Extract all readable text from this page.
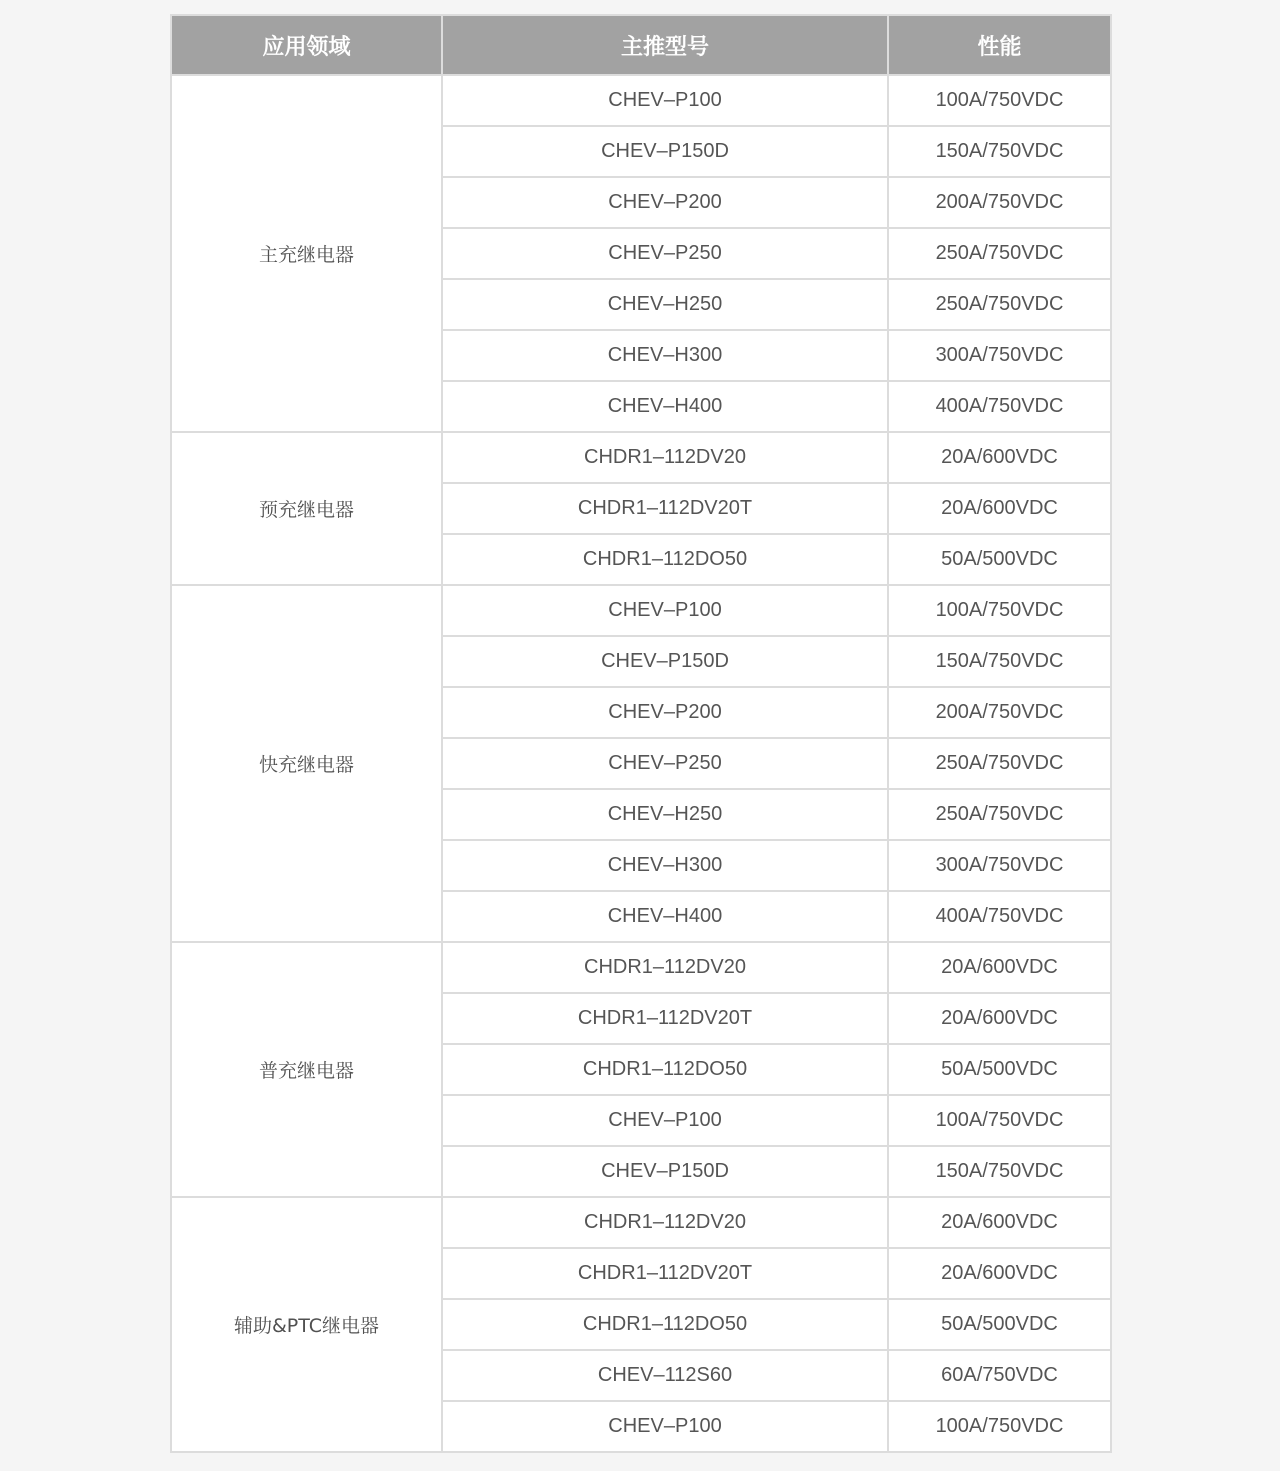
应用领域	主推型号	性能
主充继电器	CHEV–P100	100A/750VDC
	CHEV–P150D	150A/750VDC
	CHEV–P200	200A/750VDC
	CHEV–P250	250A/750VDC
	CHEV–H250	250A/750VDC
	CHEV–H300	300A/750VDC
	CHEV–H400	400A/750VDC
预充继电器	CHDR1–112DV20	20A/600VDC
	CHDR1–112DV20T	20A/600VDC
	CHDR1–112DO50	50A/500VDC
快充继电器	CHEV–P100	100A/750VDC
	CHEV–P150D	150A/750VDC
	CHEV–P200	200A/750VDC
	CHEV–P250	250A/750VDC
	CHEV–H250	250A/750VDC
	CHEV–H300	300A/750VDC
	CHEV–H400	400A/750VDC
普充继电器	CHDR1–112DV20	20A/600VDC
	CHDR1–112DV20T	20A/600VDC
	CHDR1–112DO50	50A/500VDC
	CHEV–P100	100A/750VDC
	CHEV–P150D	150A/750VDC
辅助&PTC继电器	CHDR1–112DV20	20A/600VDC
	CHDR1–112DV20T	20A/600VDC
	CHDR1–112DO50	50A/500VDC
	CHEV–112S60	60A/750VDC
	CHEV–P100	100A/750VDC
